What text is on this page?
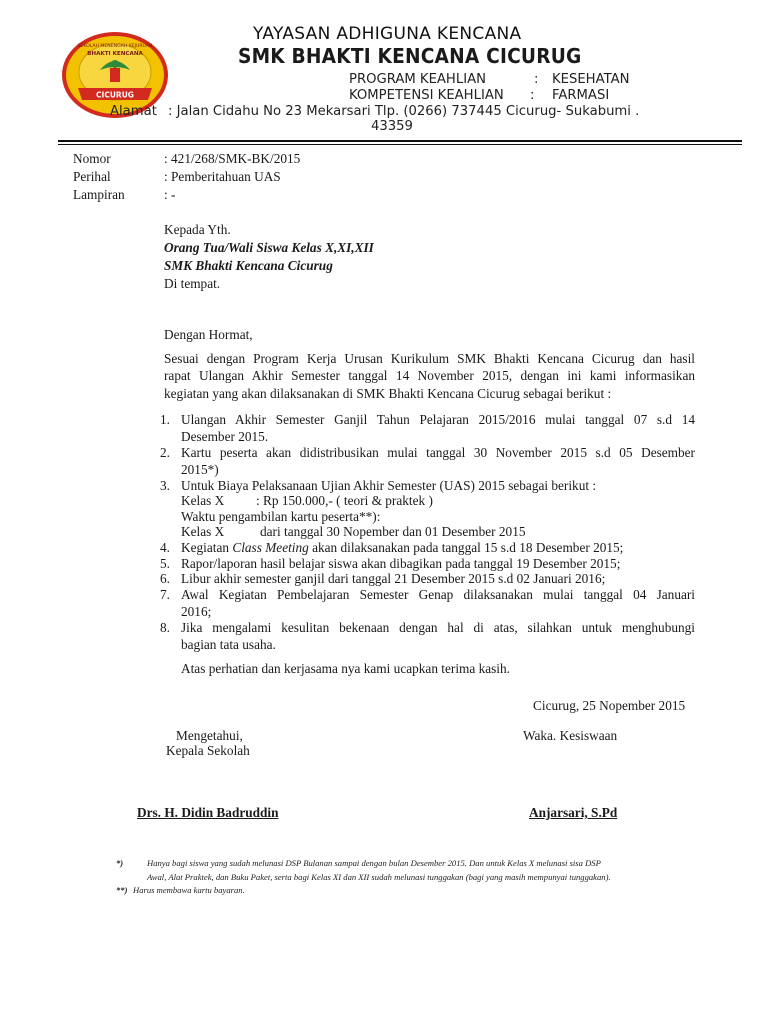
CICURUG
SEKOLAH MENENGAH KEJURUAN
BHAKTI KENCANA
YAYASAN ADHIGUNA KENCANA
SMK BHAKTI KENCANA CICURUG
PROGRAM KEAHLIAN	: KESEHATAN
KOMPETENSI KEAHLIAN : FARMASI
Alamat : Jalan Cidahu No 23 Mekarsari Tlp. (0266) 737445 Cicurug- Sukabumi .
43359
Nomor	: 421/268/SMK-BK/2015
Perihal	: Pemberitahuan UAS
Lampiran	: -
Kepada Yth.
Orang Tua/Wali Siswa Kelas X,XI,XII
SMK Bhakti Kencana Cicurug
Di tempat.
Dengan Hormat,
Sesuai dengan Program Kerja Urusan Kurikulum SMK Bhakti Kencana Cicurug dan hasil
rapat Ulangan Akhir Semester tanggal 14 November 2015, dengan ini kami informasikan
kegiatan yang akan dilaksanakan di SMK Bhakti Kencana Cicurug sebagai berikut :
1. Ulangan Akhir Semester Ganjil Tahun Pelajaran 2015/2016 mulai tanggal 07 s.d 14
Desember 2015.
2. Kartu peserta akan didistribusikan mulai tanggal 30 November 2015 s.d 05 Desember
2015*)
3. Untuk Biaya Pelaksanaan Ujian Akhir Semester (UAS) 2015 sebagai berikut :
Kelas X : Rp 150.000,- ( teori & praktek )
Waktu pengambilan kartu peserta**):
Kelas X	dari tanggal 30 Nopember dan 01 Desember 2015
4. Kegiatan Class Meeting akan dilaksanakan pada tanggal 15 s.d 18 Desember 2015;
5. Rapor/laporan hasil belajar siswa akan dibagikan pada tanggal 19 Desember 2015;
6. Libur akhir semester ganjil dari tanggal 21 Desember 2015 s.d 02 Januari 2016;
7. Awal Kegiatan Pembelajaran Semester Genap dilaksanakan mulai tanggal 04 Januari
2016;
8. Jika mengalami kesulitan bekenaan dengan hal di atas, silahkan untuk menghubungi
bagian tata usaha.
Atas perhatian dan kerjasama nya kami ucapkan terima kasih.
Cicurug, 25 Nopember 2015
Mengetahui,
Kepala Sekolah
Waka. Kesiswaan
Drs. H. Didin Badruddin	Anjarsari, S.Pd
*)	Hanya bagi siswa yang sudah melunasi DSP Bulanan sampai dengan bulan Desember 2015. Dan untuk Kelas X melunasi sisa DSP
Awal, Alat Praktek, dan Buku Paket, serta bagi Kelas XI dan XII sudah melunasi tunggakan (bagi yang masih mempunyai tunggakan).
**) Harus membawa kartu bayaran.
